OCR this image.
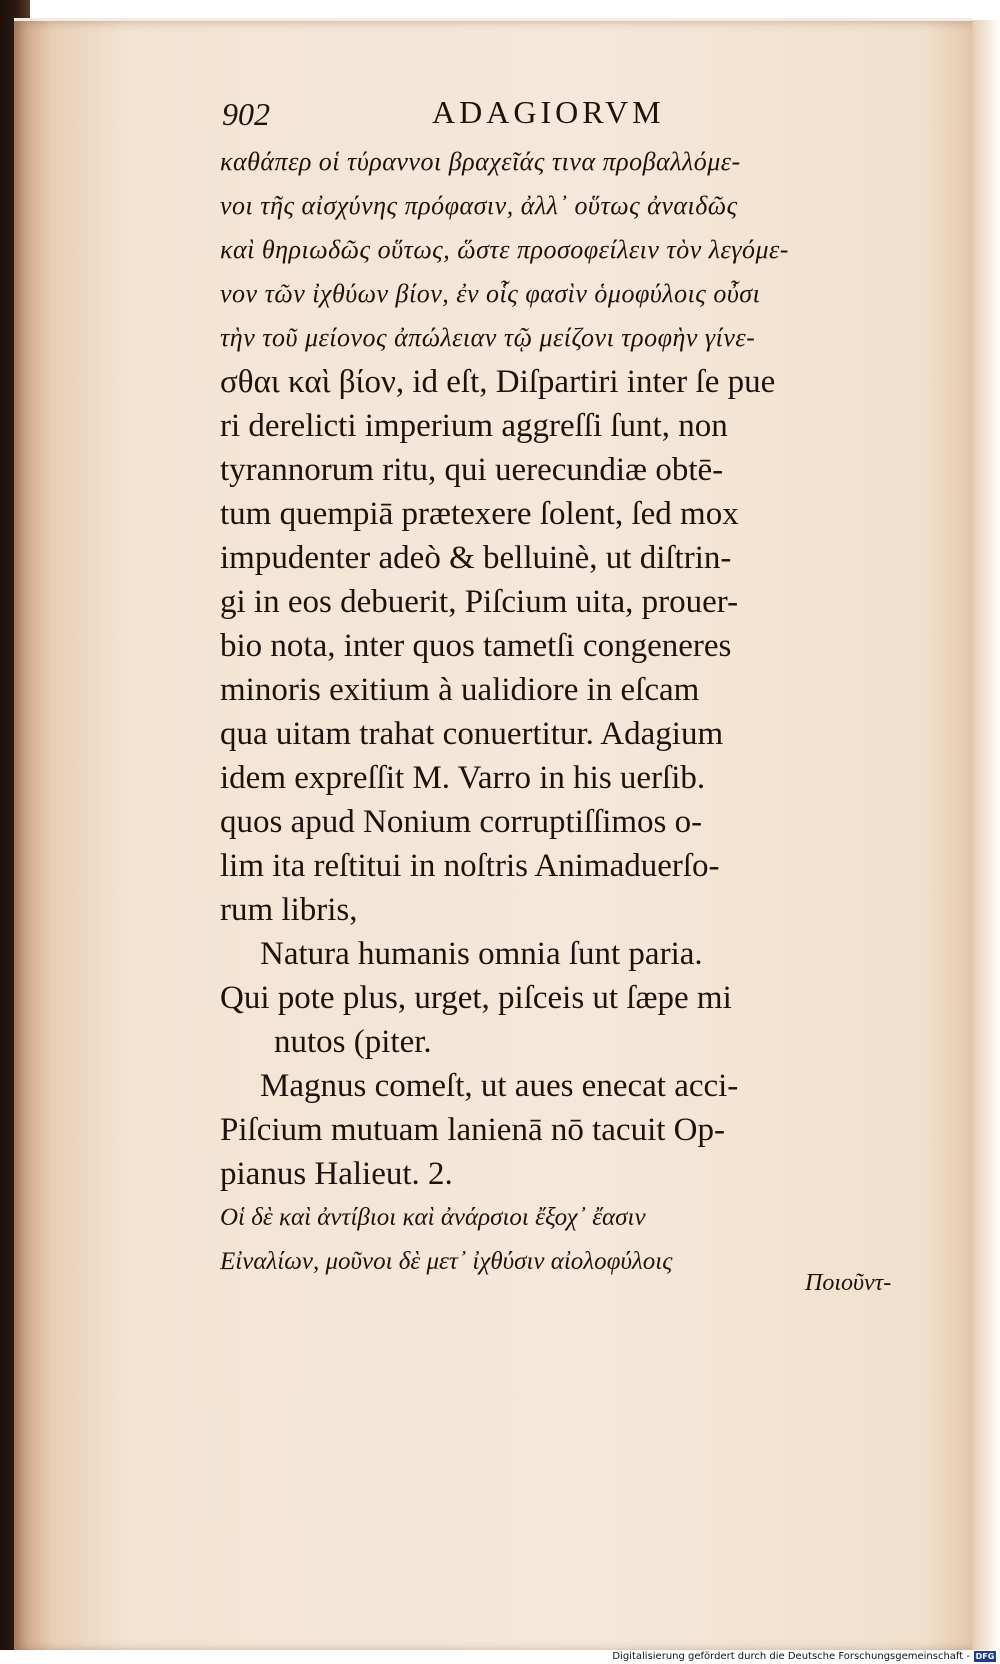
902	ADAGIORVM
καθάπερ οἱ τύραννοι βραχεῖάς τινα προβαλλόμε-
νοι τῆς αἰσχύνης πρόφασιν, ἀλλ᾽ οὕτως ἀναιδῶς
καὶ θηριωδῶς οὕτως, ὥστε προσοφείλειν τὸν λεγόμε-
νον τῶν ἰχθύων βίον, ἐν οἷς φασὶν ὁμοφύλοις οὖσι
τὴν τοῦ μείονος ἀπώλειαν τῷ μείζονι τροφὴν γίνε-
σθαι καὶ βίον, id eſt, Diſpartiri inter ſe pue
ri derelicti imperium aggreſſi ſunt, non
tyrannorum ritu, qui uerecundiæ obtē-
tum quempiā prætexere ſolent, ſed mox
impudenter adeò & belluinè, ut diſtrin-
gi in eos debuerit, Piſcium uita, prouer-
bio nota, inter quos tametſi congeneres
minoris exitium à ualidiore in eſcam
qua uitam trahat conuertitur. Adagium
idem expreſſit M. Varro in his uerſib.
quos apud Nonium corruptiſſimos o-
lim ita reſtitui in noſtris Animaduerſo-
rum libris,
Natura humanis omnia ſunt paria.
Qui pote plus, urget, piſceis ut ſæpe mi
nutos (piter.
Magnus comeſt, ut aues enecat acci-
Piſcium mutuam lanienā nō tacuit Op-
pianus Halieut. 2.
Οἱ δὲ καὶ ἀντίβιοι καὶ ἀνάρσιοι ἔξοχ᾽ ἔασιν
Εἰναλίων, μοῦνοι δὲ μετ᾽ ἰχθύσιν αἰολοφύλοις
Ποιοῦντ-
Digitalisierung gefördert durch die Deutsche Forschungsgemeinschaft - DFG
